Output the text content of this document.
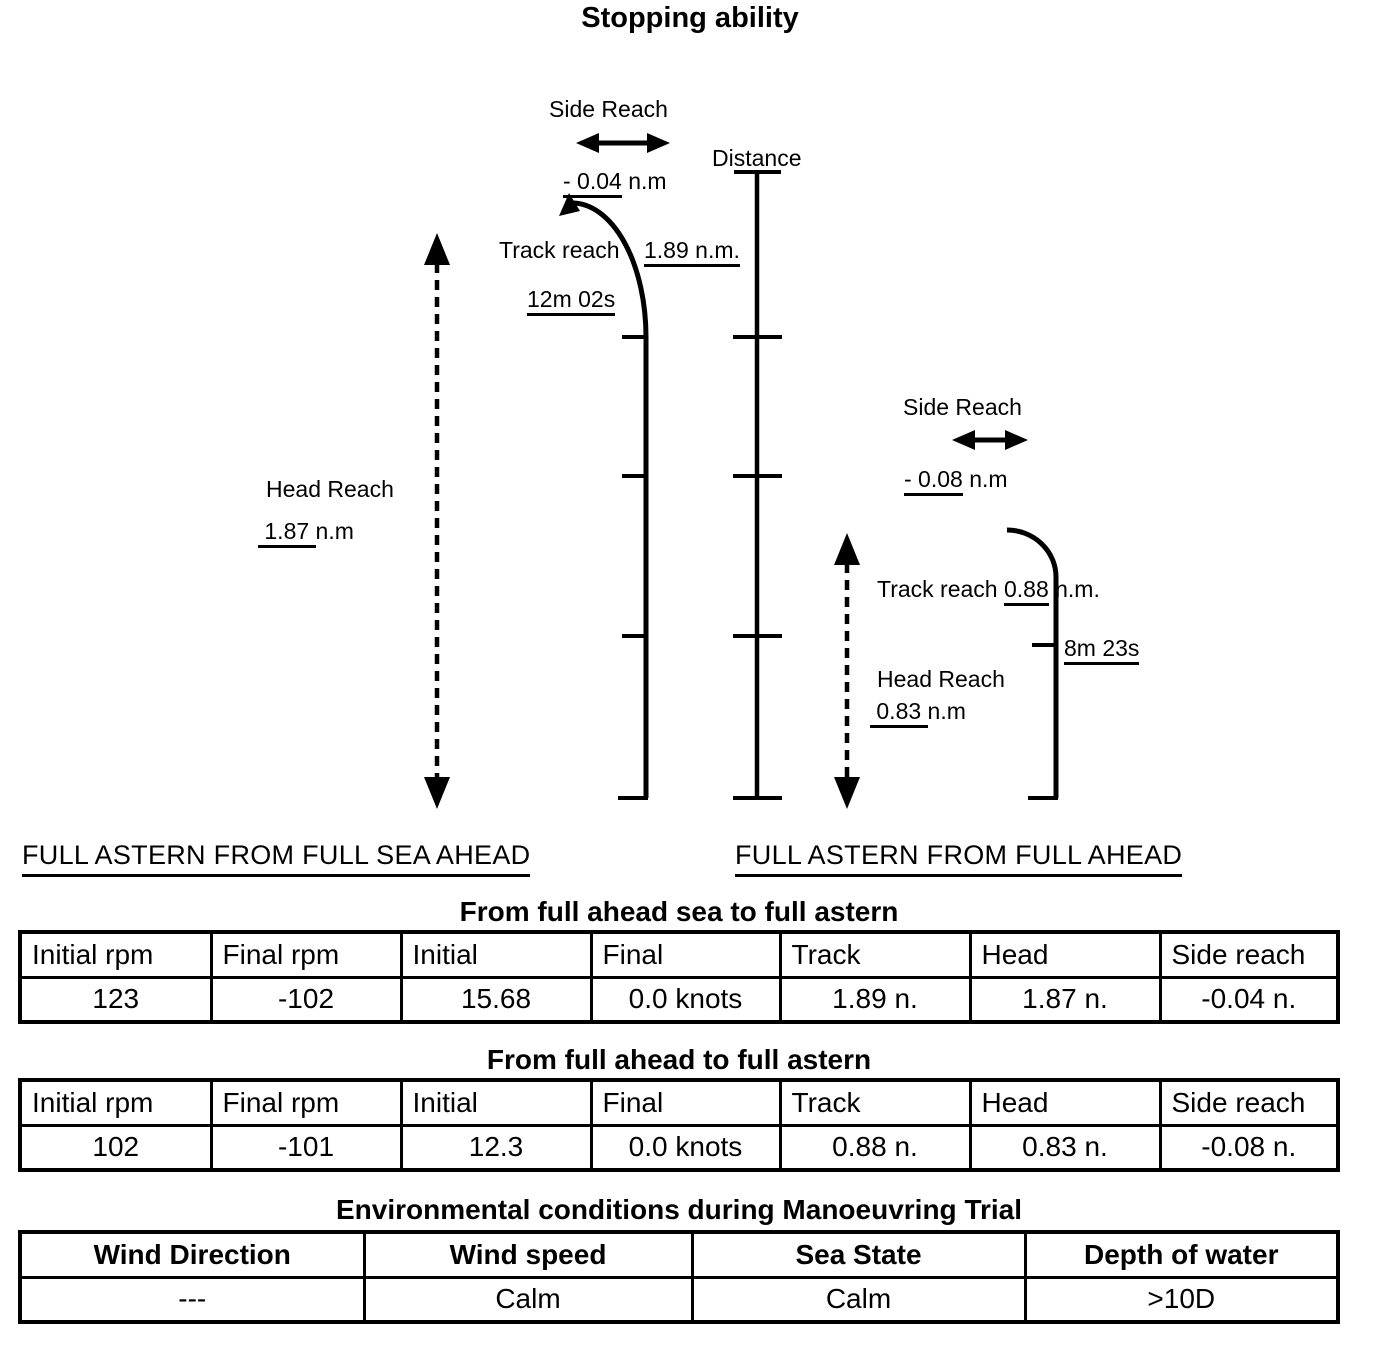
Stopping ability
Side Reach
- 0.04 n.m
Distance
Track reach 1.89 n.m.
12m 02s
Head Reach
1.87 n.m
Side Reach
- 0.08 n.m
Track reach 0.88 n.m.
8m 23s
Head Reach
0.83 n.m
FULL ASTERN FROM FULL SEA AHEAD	FULL ASTERN FROM FULL AHEAD
From full ahead sea to full astern
Initial rpm	Final rpm	Initial	Final	Track	Head	Side reach
123	-102	15.68	0.0 knots	1.89 n.	1.87 n.	-0.04 n.
From full ahead to full astern
Initial rpm	Final rpm	Initial	Final	Track	Head	Side reach
102	-101	12.3	0.0 knots	0.88 n.	0.83 n.	-0.08 n.
Environmental conditions during Manoeuvring Trial
Wind Direction	Wind speed	Sea State	Depth of water
---	Calm	Calm	>10D
